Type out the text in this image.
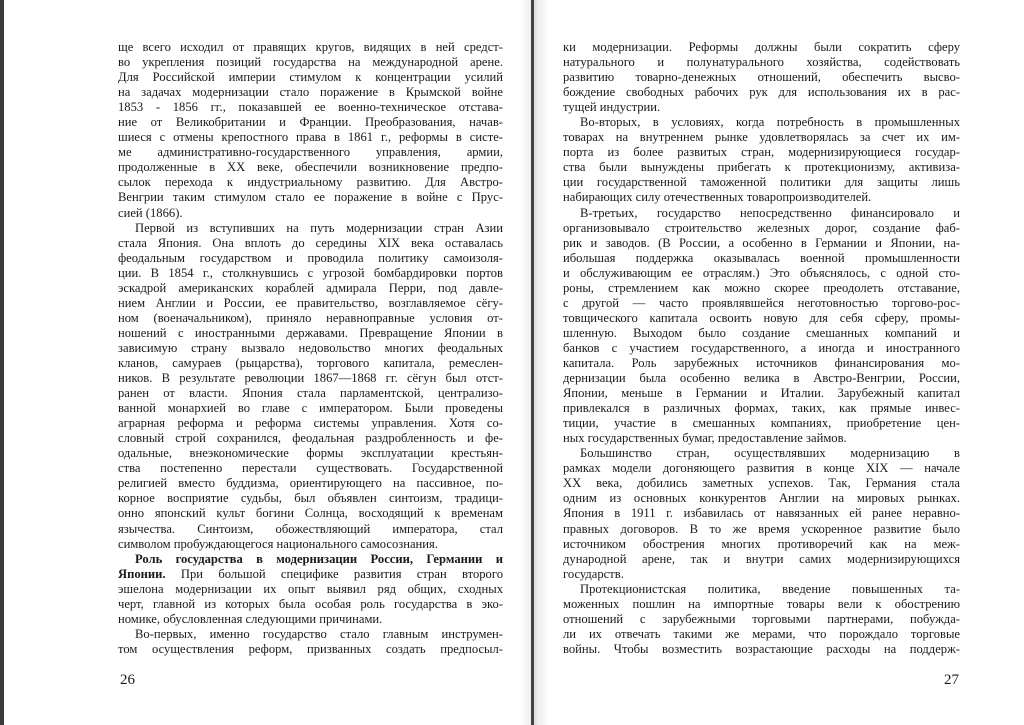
ще всего исходил от правящих кругов, видящих в ней средст-
во укрепления позиций государства на международной арене.
Для Российской империи стимулом к концентрации усилий
на задачах модернизации стало поражение в Крымской войне
1853 - 1856 гг., показавшей ее военно-техническое отстава-
ние от Великобритании и Франции. Преобразования, начав-
шиеся с отмены крепостного права в 1861 г., реформы в систе-
ме административно-государственного управления, армии,
продолженные в XX веке, обеспечили возникновение предпо-
сылок перехода к индустриальному развитию. Для Австро-
Венгрии таким стимулом стало ее поражение в войне с Прус-
сией (1866).
Первой из вступивших на путь модернизации стран Азии
стала Япония. Она вплоть до середины XIX века оставалась
феодальным государством и проводила политику самоизоля-
ции. В 1854 г., столкнувшись с угрозой бомбардировки портов
эскадрой американских кораблей адмирала Перри, под давле-
нием Англии и России, ее правительство, возглавляемое сёгу-
ном (военачальником), приняло неравноправные условия от-
ношений с иностранными державами. Превращение Японии в
зависимую страну вызвало недовольство многих феодальных
кланов, самураев (рыцарства), торгового капитала, ремеслен-
ников. В результате революции 1867—1868 гг. сёгун был отст-
ранен от власти. Япония стала парламентской, централизо-
ванной монархией во главе с императором. Были проведены
аграрная реформа и реформа системы управления. Хотя со-
словный строй сохранился, феодальная раздробленность и фе-
одальные, внеэкономические формы эксплуатации крестьян-
ства постепенно перестали существовать. Государственной
религией вместо буддизма, ориентирующего на пассивное, по-
корное восприятие судьбы, был объявлен синтоизм, традици-
онно японский культ богини Солнца, восходящий к временам
язычества. Синтоизм, обожествляющий императора, стал
символом пробуждающегося национального самосознания.
Роль государства в модернизации России, Германии и
Японии. При большой специфике развития стран второго
эшелона модернизации их опыт выявил ряд общих, сходных
черт, главной из которых была особая роль государства в эко-
номике, обусловленная следующими причинами.
Во-первых, именно государство стало главным инструмен-
том осуществления реформ, призванных создать предпосыл-
ки модернизации. Реформы должны были сократить сферу
натурального и полунатурального хозяйства, содействовать
развитию товарно-денежных отношений, обеспечить высво-
бождение свободных рабочих рук для использования их в рас-
тущей индустрии.
Во-вторых, в условиях, когда потребность в промышленных
товарах на внутреннем рынке удовлетворялась за счет их им-
порта из более развитых стран, модернизирующиеся государ-
ства были вынуждены прибегать к протекционизму, активиза-
ции государственной таможенной политики для защиты лишь
набирающих силу отечественных товаропроизводителей.
В-третьих, государство непосредственно финансировало и
организовывало строительство железных дорог, создание фаб-
рик и заводов. (В России, а особенно в Германии и Японии, на-
ибольшая поддержка оказывалась военной промышленности
и обслуживающим ее отраслям.) Это объяснялось, с одной сто-
роны, стремлением как можно скорее преодолеть отставание,
с другой — часто проявлявшейся неготовностью торгово-рос-
товщического капитала освоить новую для себя сферу, промы-
шленную. Выходом было создание смешанных компаний и
банков с участием государственного, а иногда и иностранного
капитала. Роль зарубежных источников финансирования мо-
дернизации была особенно велика в Австро-Венгрии, России,
Японии, меньше в Германии и Италии. Зарубежный капитал
привлекался в различных формах, таких, как прямые инвес-
тиции, участие в смешанных компаниях, приобретение цен-
ных государственных бумаг, предоставление займов.
Большинство стран, осуществлявших модернизацию в
рамках модели догоняющего развития в конце XIX — начале
XX века, добились заметных успехов. Так, Германия стала
одним из основных конкурентов Англии на мировых рынках.
Япония в 1911 г. избавилась от навязанных ей ранее неравно-
правных договоров. В то же время ускоренное развитие было
источником обострения многих противоречий как на меж-
дународной арене, так и внутри самих модернизирующихся
государств.
Протекционистская политика, введение повышенных та-
моженных пошлин на импортные товары вели к обострению
отношений с зарубежными торговыми партнерами, побужда-
ли их отвечать такими же мерами, что порождало торговые
войны. Чтобы возместить возрастающие расходы на поддерж-
26	27
